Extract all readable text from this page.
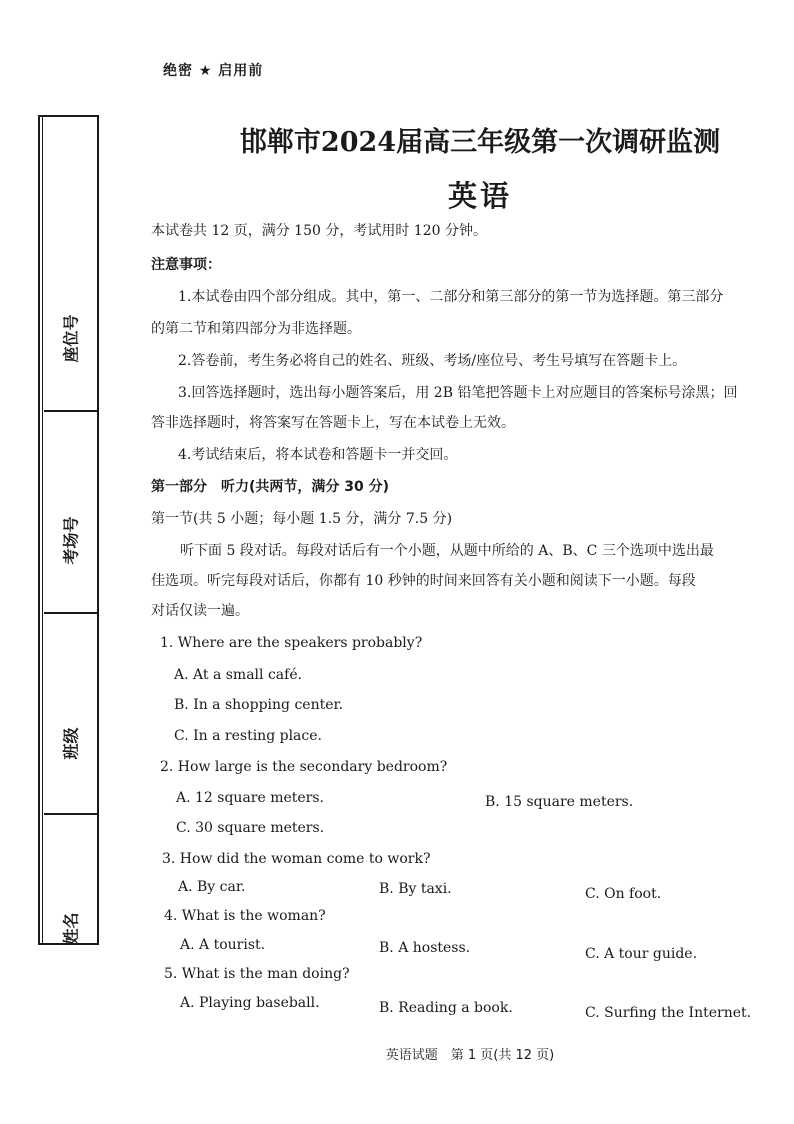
绝密 ★ 启用前
邯郸市2024届高三年级第一次调研监测
英语
座位号
考场号
班级
姓名
本试卷共 12 页，满分 150 分，考试用时 120 分钟。
注意事项：
1.本试卷由四个部分组成。其中，第一、二部分和第三部分的第一节为选择题。第三部分
的第二节和第四部分为非选择题。
2.答卷前，考生务必将自己的姓名、班级、考场/座位号、考生号填写在答题卡上。
3.回答选择题时，选出每小题答案后，用 2B 铅笔把答题卡上对应题目的答案标号涂黑；回
答非选择题时，将答案写在答题卡上，写在本试卷上无效。
4.考试结束后，将本试卷和答题卡一并交回。
第一部分　听力(共两节，满分 30 分)
第一节(共 5 小题；每小题 1.5 分，满分 7.5 分)
听下面 5 段对话。每段对话后有一个小题，从题中所给的 A、B、C 三个选项中选出最
佳选项。听完每段对话后，你都有 10 秒钟的时间来回答有关小题和阅读下一小题。每段
对话仅读一遍。
1. Where are the speakers probably?
A. At a small café.
B. In a shopping center.
C. In a resting place.
2. How large is the secondary bedroom?
A. 12 square meters.	B. 15 square meters.
C. 30 square meters.
3. How did the woman come to work?
A. By car.	B. By taxi.	C. On foot.
4. What is the woman?
A. A tourist.	B. A hostess.	C. A tour guide.
5. What is the man doing?
A. Playing baseball.	B. Reading a book.	C. Surfing the Internet.
英语试题　第 1 页(共 12 页)
